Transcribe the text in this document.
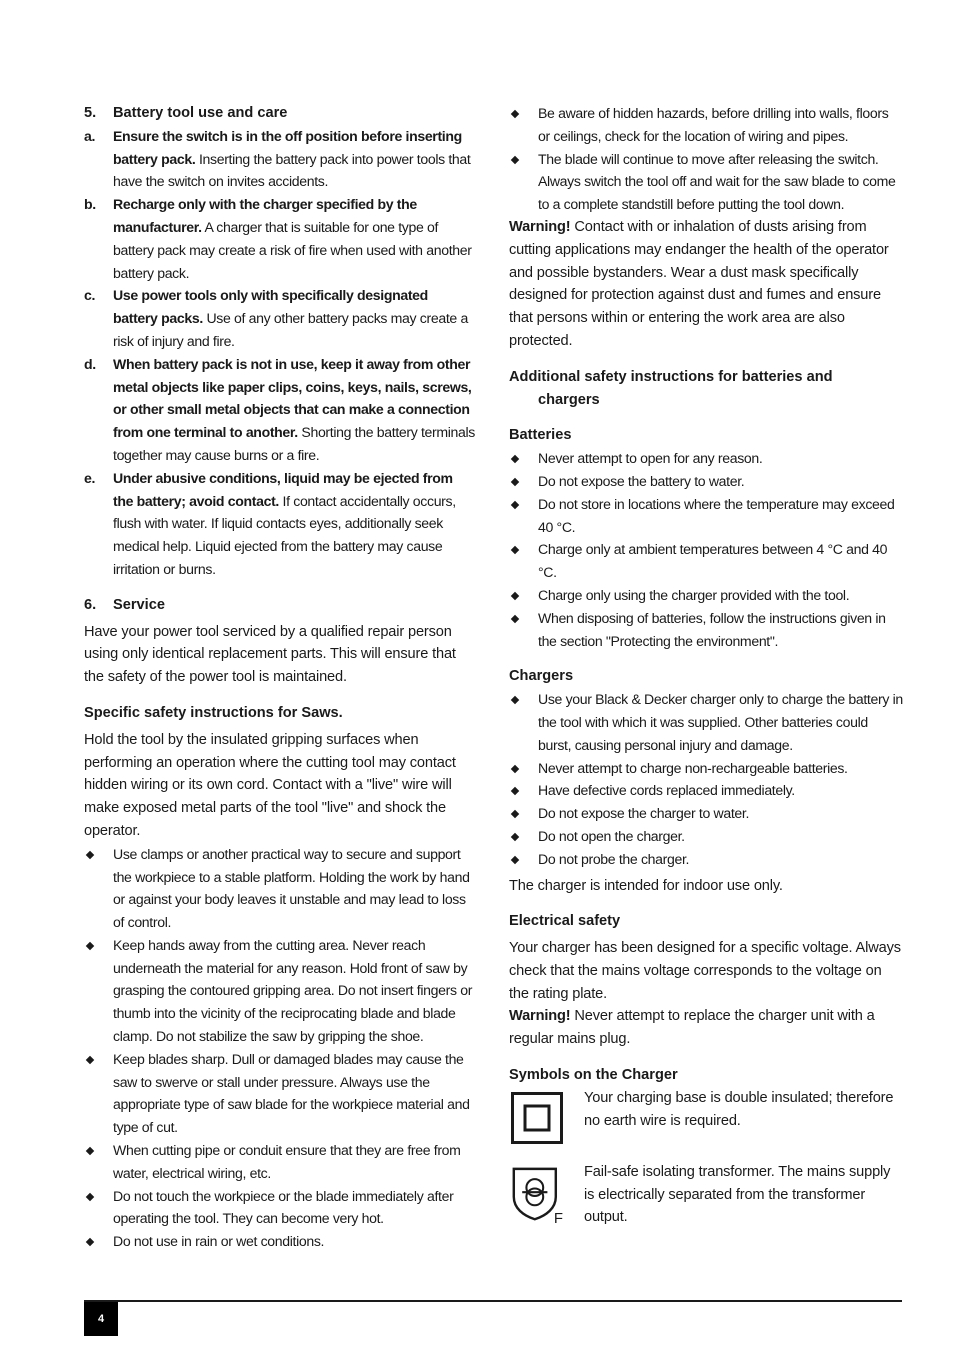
5. Battery tool use and care
a. Ensure the switch is in the off position before inserting battery pack. Inserting the battery pack into power tools that have the switch on invites accidents.
b. Recharge only with the charger specified by the manufacturer. A charger that is suitable for one type of battery pack may create a risk of fire when used with another battery pack.
c. Use power tools only with specifically designated battery packs. Use of any other battery packs may create a risk of injury and fire.
d. When battery pack is not in use, keep it away from other metal objects like paper clips, coins, keys, nails, screws, or other small metal objects that can make a connection from one terminal to another. Shorting the battery terminals together may cause burns or a fire.
e. Under abusive conditions, liquid may be ejected from the battery; avoid contact. If contact accidentally occurs, flush with water. If liquid contacts eyes, additionally seek medical help. Liquid ejected from the battery may cause irritation or burns.
6. Service

Have your power tool serviced by a qualified repair person using only identical replacement parts. This will ensure that the safety of the power tool is maintained.

Specific safety instructions for Saws.

Hold the tool by the insulated gripping surfaces when performing an operation where the cutting tool may contact hidden wiring or its own cord. Contact with a "live" wire will make exposed metal parts of the tool "live" and shock the operator.

Use clamps or another practical way to secure and support the workpiece to a stable platform. Holding the work by hand or against your body leaves it unstable and may lead to loss of control.
Keep hands away from the cutting area. Never reach underneath the material for any reason. Hold front of saw by grasping the contoured gripping area. Do not insert fingers or thumb into the vicinity of the reciprocating blade and blade clamp. Do not stabilize the saw by gripping the shoe.
Keep blades sharp. Dull or damaged blades may cause the saw to swerve or stall under pressure. Always use the appropriate type of saw blade for the workpiece material and type of cut.
When cutting pipe or conduit ensure that they are free from water, electrical wiring, etc.
Do not touch the workpiece or the blade immediately after operating the tool. They can become very hot.
Do not use in rain or wet conditions.
Be aware of hidden hazards, before drilling into walls, floors or ceilings, check for the location of wiring and pipes.
The blade will continue to move after releasing the switch. Always switch the tool off and wait for the saw blade to come to a complete standstill before putting the tool down.

Warning! Contact with or inhalation of dusts arising from cutting applications may endanger the health of the operator and possible bystanders. Wear a dust mask specifically designed for protection against dust and fumes and ensure that persons within or entering the work area are also protected.

Additional safety instructions for batteries and
chargers

Batteries

Never attempt to open for any reason.
Do not expose the battery to water.
Do not store in locations where the temperature may exceed 40 °C.
Charge only at ambient temperatures between 4 °C and 40 °C.
Charge only using the charger provided with the tool.
When disposing of batteries, follow the instructions given in the section "Protecting the environment".

Chargers

Use your Black & Decker charger only to charge the battery in the tool with which it was supplied. Other batteries could burst, causing personal injury and damage.
Never attempt to charge non-rechargeable batteries.
Have defective cords replaced immediately.
Do not expose the charger to water.
Do not open the charger.
Do not probe the charger.

The charger is intended for indoor use only.

Electrical safety

Your charger has been designed for a specific voltage. Always check that the mains voltage corresponds to the voltage on the rating plate.

Warning! Never attempt to replace the charger unit with a regular mains plug.

Symbols on the Charger

Your charging base is double insulated; therefore no earth wire is required.

F

Fail-safe isolating transformer. The mains supply is electrically separated from the transformer output.

4
